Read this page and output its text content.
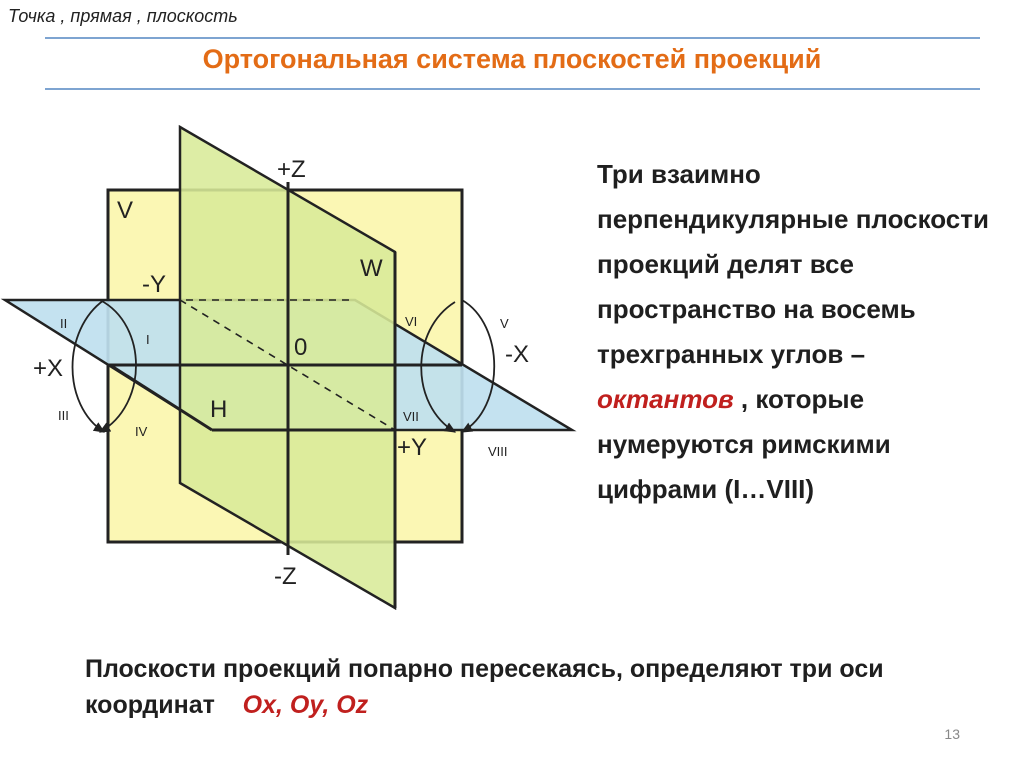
Точка , прямая , плоскость
Ортогональная система плоскостей проекций
V
W
H
+Z
-Z
-Y
+Y
+X
-X
0
I
II
III
IV
V
VI
VII
VIII
Три взаимно перпендикулярные плоскости проекций делят все пространство на восемь трехгранных углов – октантов , которые нумеруются римскими цифрами (I…VIII)
Плоскости проекций попарно пересекаясь, определяют три оси координат Ox, Oy, Oz
13
